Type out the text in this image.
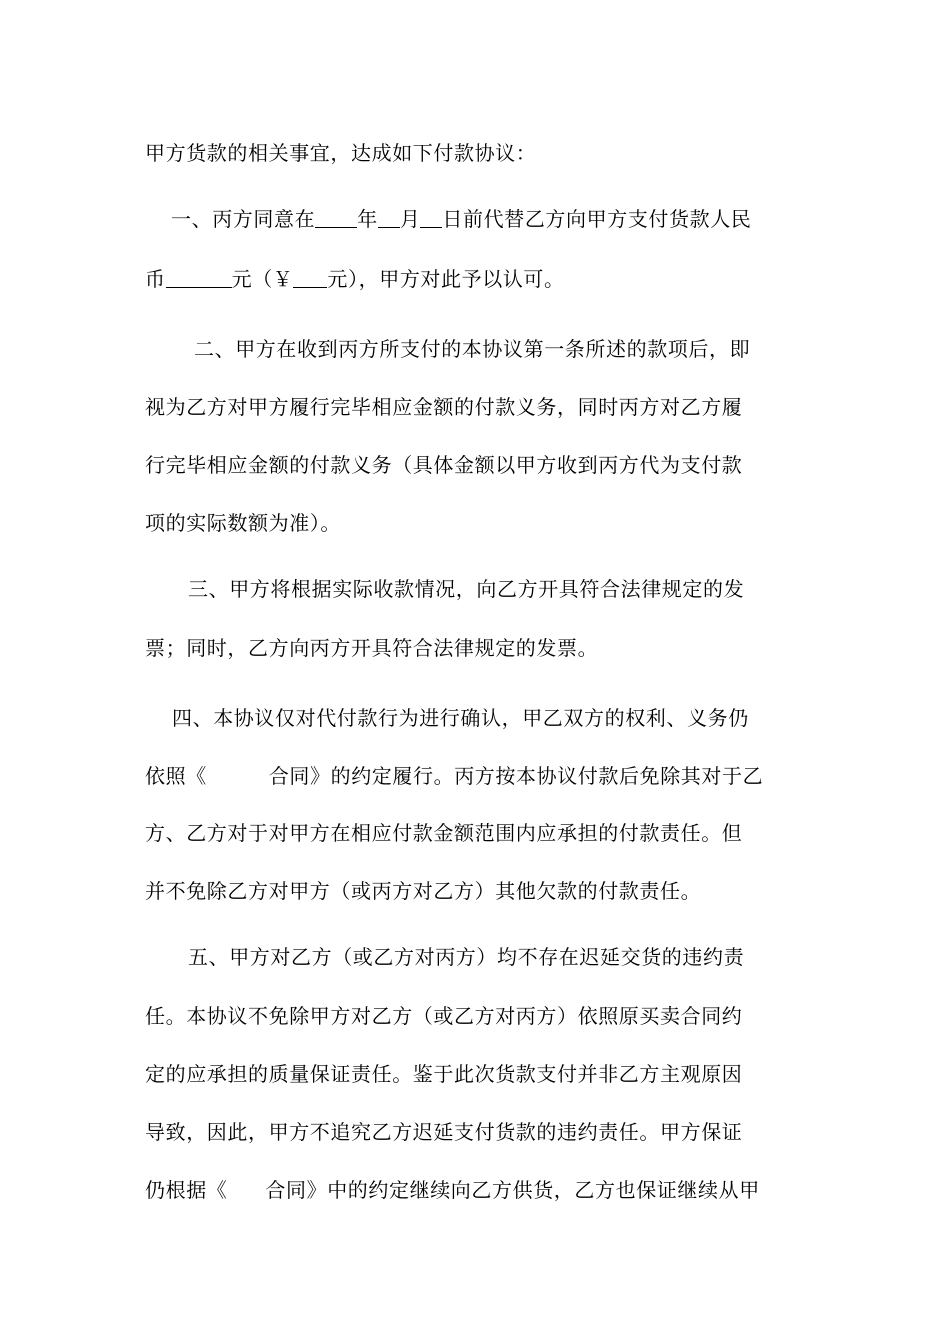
甲方货款的相关事宜，达成如下付款协议：

一、丙方同意在 年 月 日前代替乙方向甲方支付货款人民

币	元（￥ 元），甲方对此予以认可。

二、甲方在收到丙方所支付的本协议第一条所述的款项后，即

视为乙方对甲方履行完毕相应金额的付款义务，同时丙方对乙方履

行完毕相应金额的付款义务（具体金额以甲方收到丙方代为支付款

项的实际数额为准）。

三、甲方将根据实际收款情况，向乙方开具符合法律规定的发

票；同时，乙方向丙方开具符合法律规定的发票。

四、本协议仅对代付款行为进行确认，甲乙双方的权利、义务仍

依照《	合同》的约定履行。丙方按本协议付款后免除其对于乙

方、乙方对于对甲方在相应付款金额范围内应承担的付款责任。但

并不免除乙方对甲方（或丙方对乙方）其他欠款的付款责任。

五、甲方对乙方（或乙方对丙方）均不存在迟延交货的违约责

任。本协议不免除甲方对乙方（或乙方对丙方）依照原买卖合同约

定的应承担的质量保证责任。鉴于此次货款支付并非乙方主观原因

导致，因此，甲方不追究乙方迟延支付货款的违约责任。甲方保证

仍根据《 合同》中的约定继续向乙方供货，乙方也保证继续从甲
